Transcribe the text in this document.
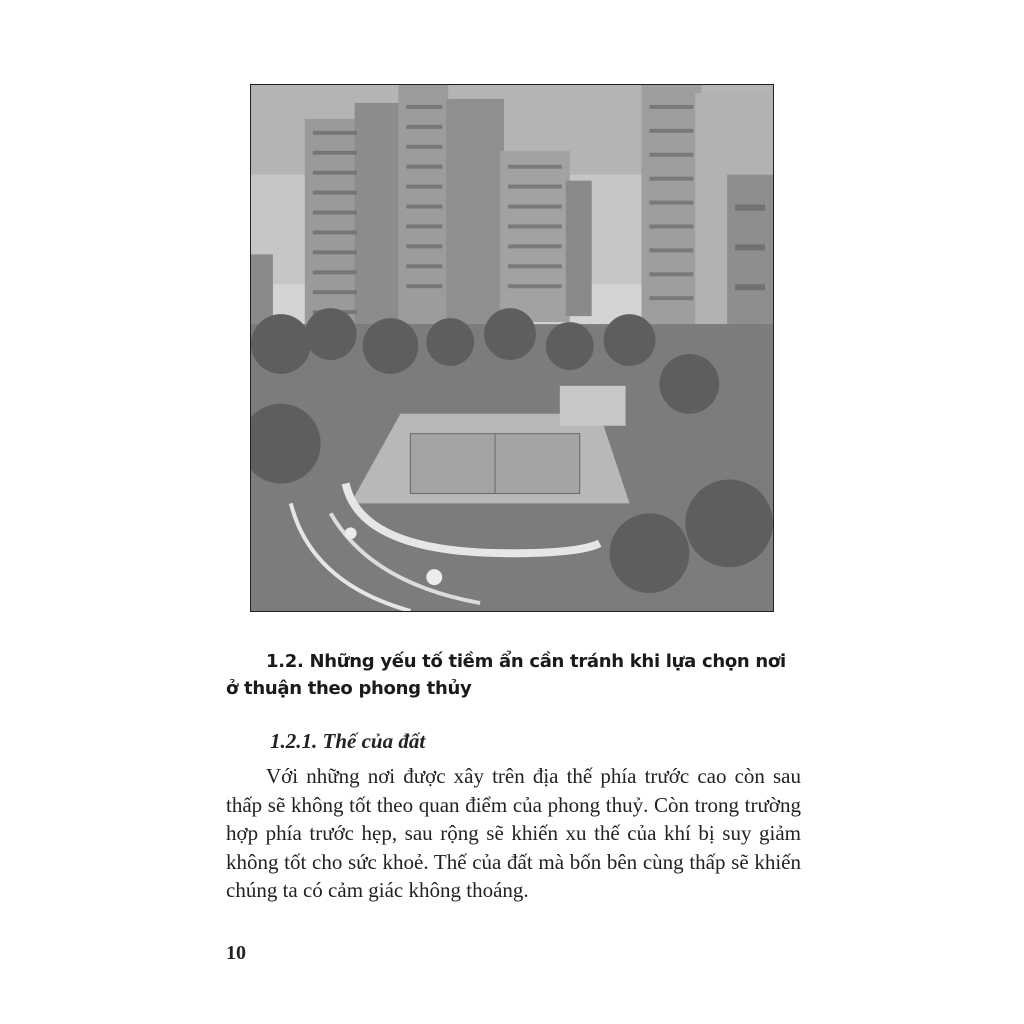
1.2. Những yếu tố tiềm ẩn cần tránh khi lựa chọn nơi ở thuận theo phong thủy
1.2.1. Thế của đất

Với những nơi được xây trên địa thế phía trước cao còn sau thấp sẽ không tốt theo quan điểm của phong thuỷ. Còn trong trường hợp phía trước hẹp, sau rộng sẽ khiến xu thế của khí bị suy giảm không tốt cho sức khoẻ. Thế của đất mà bốn bên cùng thấp sẽ khiến chúng ta có cảm giác không thoáng.

10
